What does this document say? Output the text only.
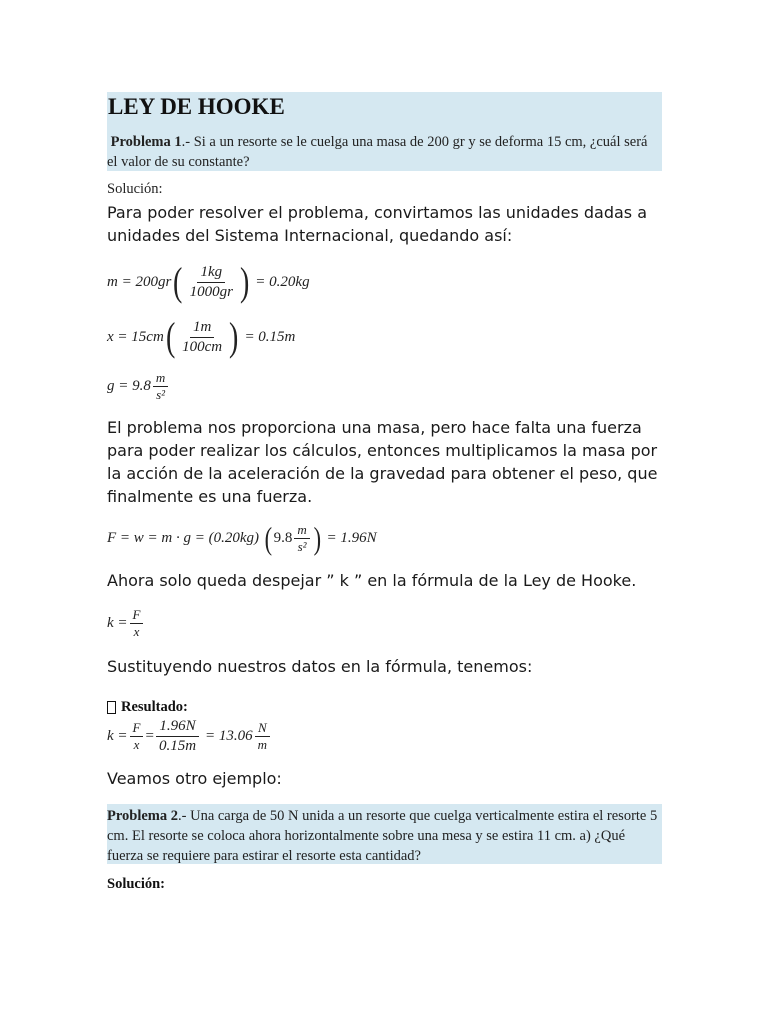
LEY DE HOOKE
Problema 1.- Si a un resorte se le cuelga una masa de 200 gr y se deforma 15 cm, ¿cuál será el valor de su constante?
Solución:
Para poder resolver el problema, convirtamos las unidades dadas a unidades del Sistema Internacional, quedando así:
m = 200gr ( $\frac{1kg}{1000gr}$ ) = 0.20kg
x = 15cm ( $\frac{1m}{100cm}$ ) = 0.15m
$g = 9.8 \frac{m}{\text{s²}}$
El problema nos proporciona una masa, pero hace falta una fuerza para poder realizar los cálculos, entonces multiplicamos la masa por la acción de la aceleración de la gravedad para obtener el peso, que finalmente es una fuerza.
F = w = m · g = (0.20kg) ( $9.8 \frac{m}{\text{s²}}$ ) = 1.96N
Ahora solo queda despejar ” k ” en la fórmula de la Ley de Hooke.
$k = \frac{F}{x}$
Sustituyendo nuestros datos en la fórmula, tenemos:
Resultado:
$k = \frac{F}{x} = \frac{1.96N}{0.15m} = 13.06 \frac{N}{m}$
Veamos otro ejemplo:
Problema 2.- Una carga de 50 N unida a un resorte que cuelga verticalmente estira el resorte 5 cm. El resorte se coloca ahora horizontalmente sobre una mesa y se estira 11 cm. a) ¿Qué fuerza se requiere para estirar el resorte esta cantidad?
Solución:
